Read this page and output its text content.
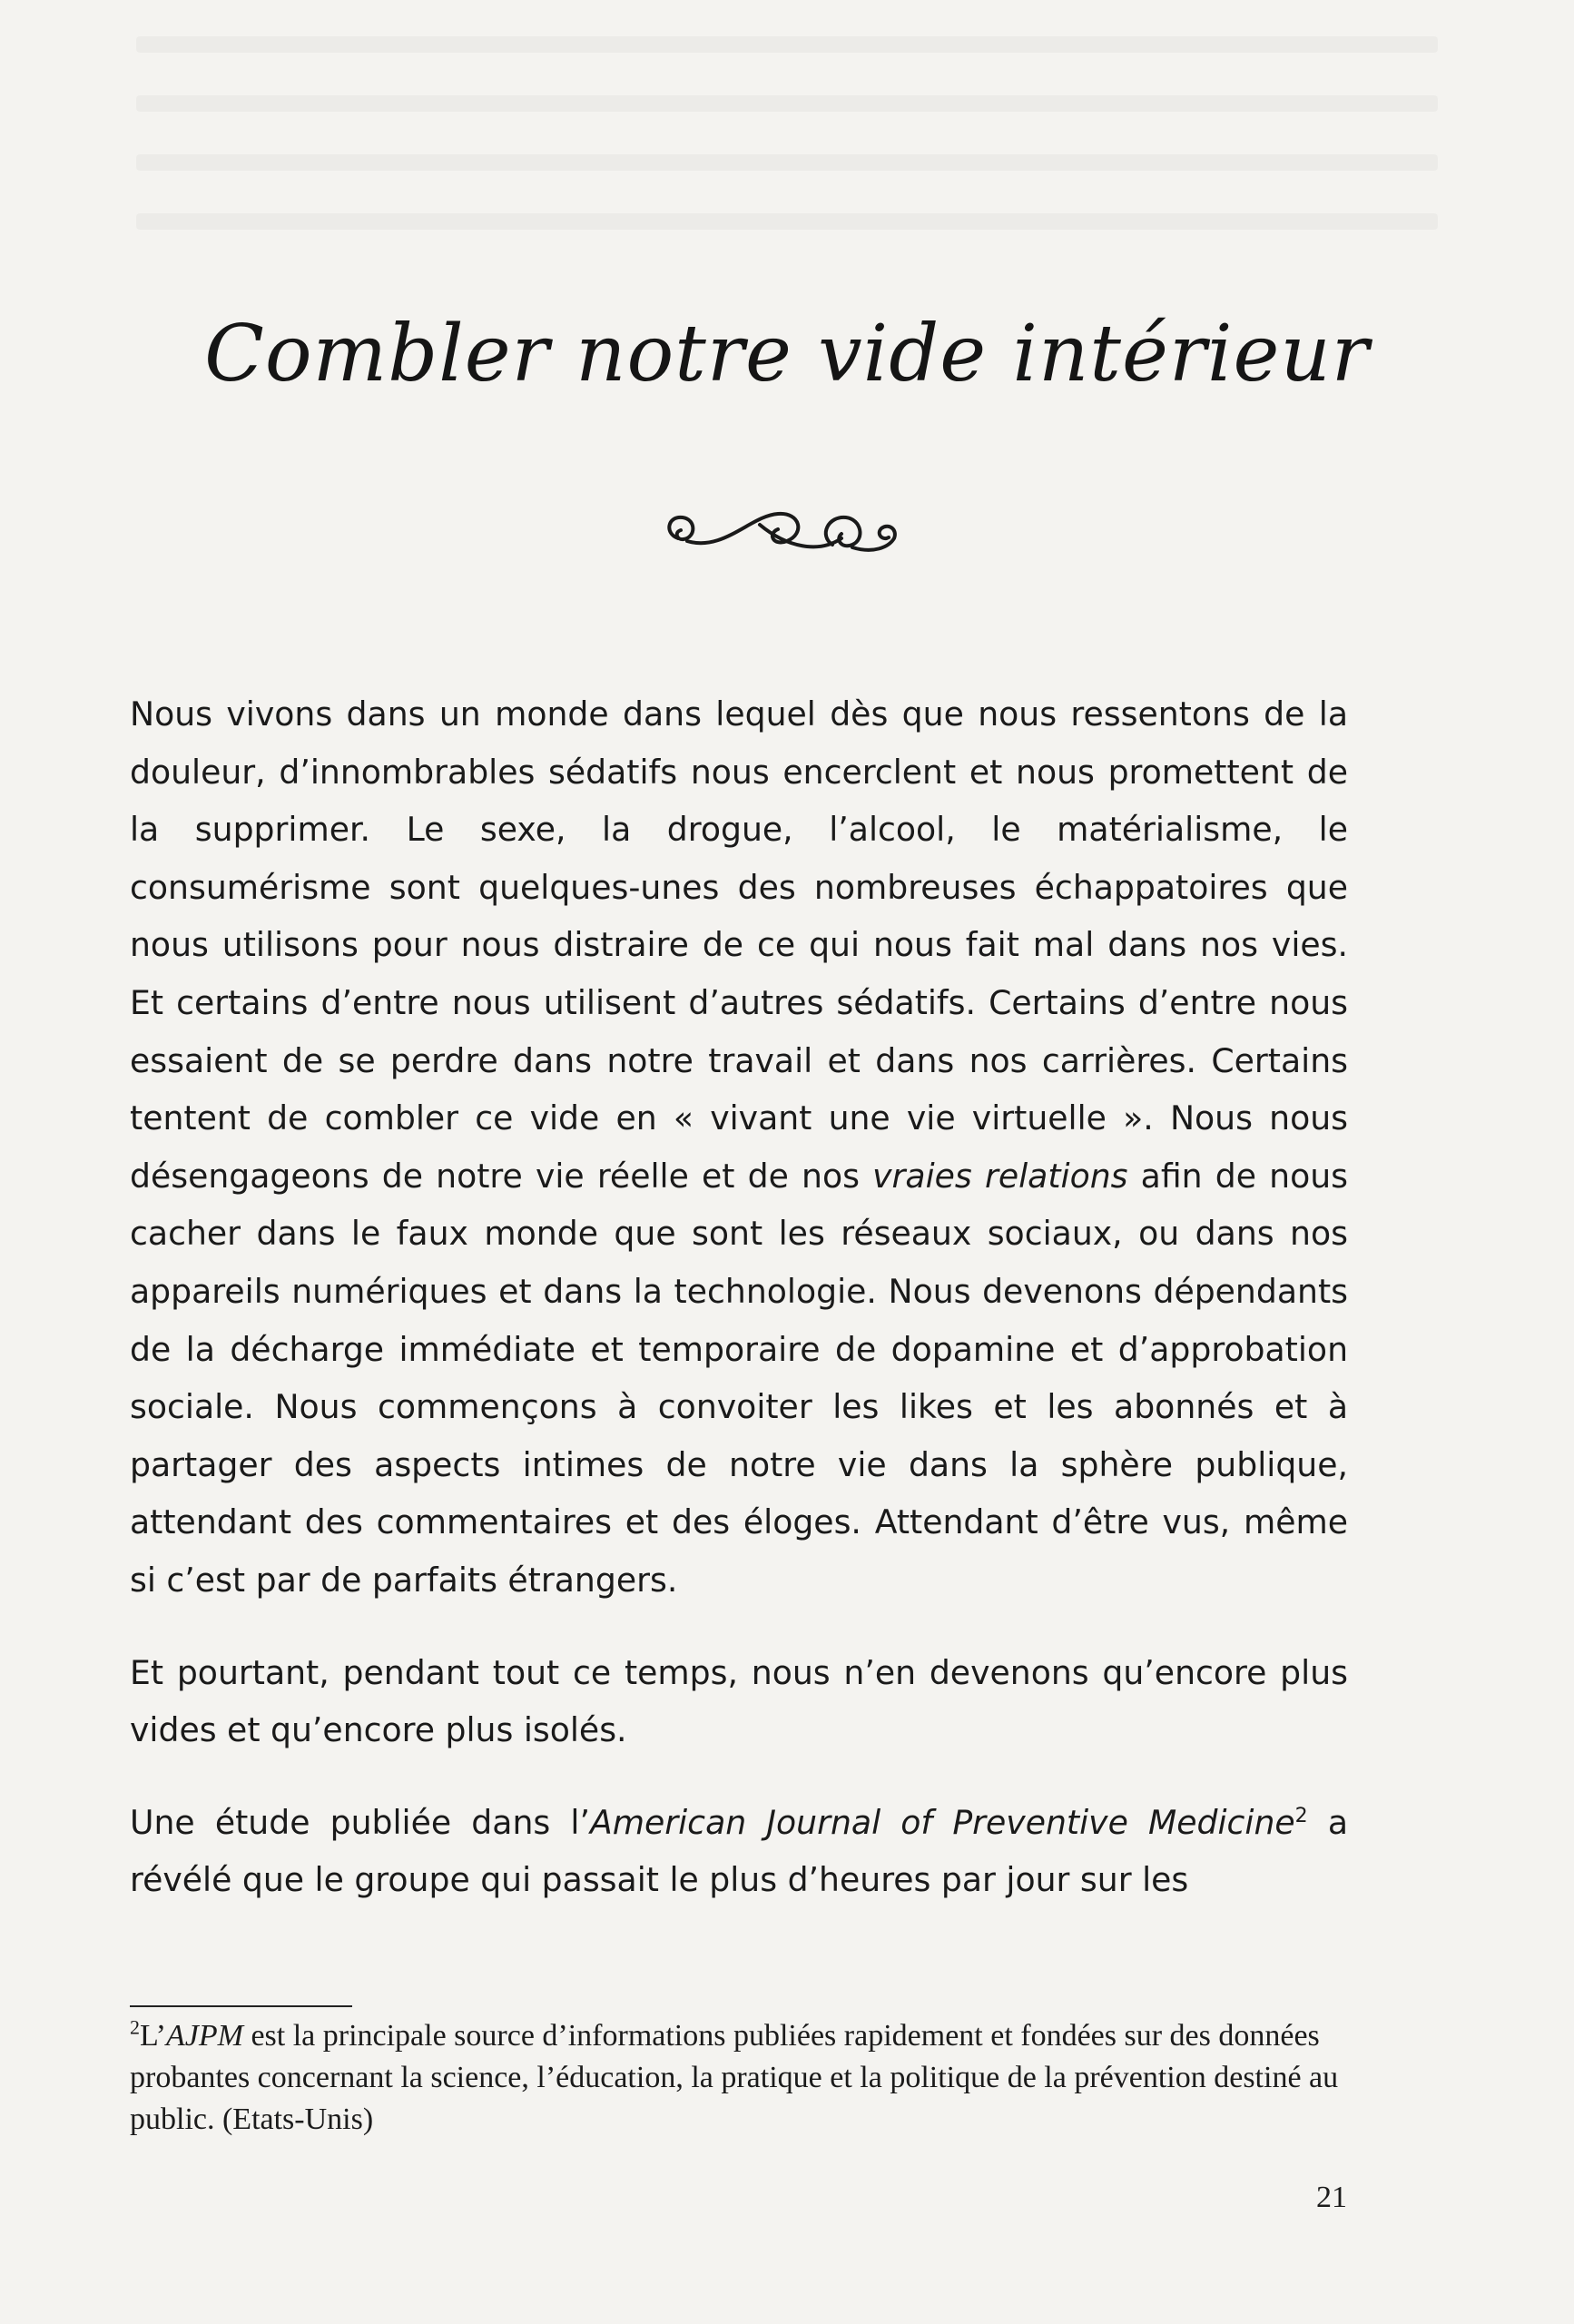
Combler notre vide intérieur

Nous vivons dans un monde dans lequel dès que nous ressentons de la douleur, d’innombrables sédatifs nous encerclent et nous promettent de la supprimer. Le sexe, la drogue, l’alcool, le matérialisme, le consumérisme sont quelques-unes des nombreuses échappatoires que nous utilisons pour nous distraire de ce qui nous fait mal dans nos vies. Et certains d’entre nous utilisent d’autres sédatifs. Certains d’entre nous essaient de se perdre dans notre travail et dans nos carrières. Certains tentent de combler ce vide en « vivant une vie virtuelle ». Nous nous désengageons de notre vie réelle et de nos vraies relations afin de nous cacher dans le faux monde que sont les réseaux sociaux, ou dans nos appareils numériques et dans la technologie. Nous devenons dépendants de la décharge immédiate et temporaire de dopamine et d’approbation sociale. Nous commençons à convoiter les likes et les abonnés et à partager des aspects intimes de notre vie dans la sphère publique, attendant des commentaires et des éloges. Attendant d’être vus, même si c’est par de parfaits étrangers.

Et pourtant, pendant tout ce temps, nous n’en devenons qu’encore plus vides et qu’encore plus isolés.

Une étude publiée dans l’American Journal of Preventive Medicine$^2$ a révélé que le groupe qui passait le plus d’heures par jour sur les

$^2$L’AJPM est la principale source d’informations publiées rapidement et fondées sur des données probantes concernant la science, l’éducation, la pratique et la politique de la prévention destiné au public. (Etats-Unis)
21
